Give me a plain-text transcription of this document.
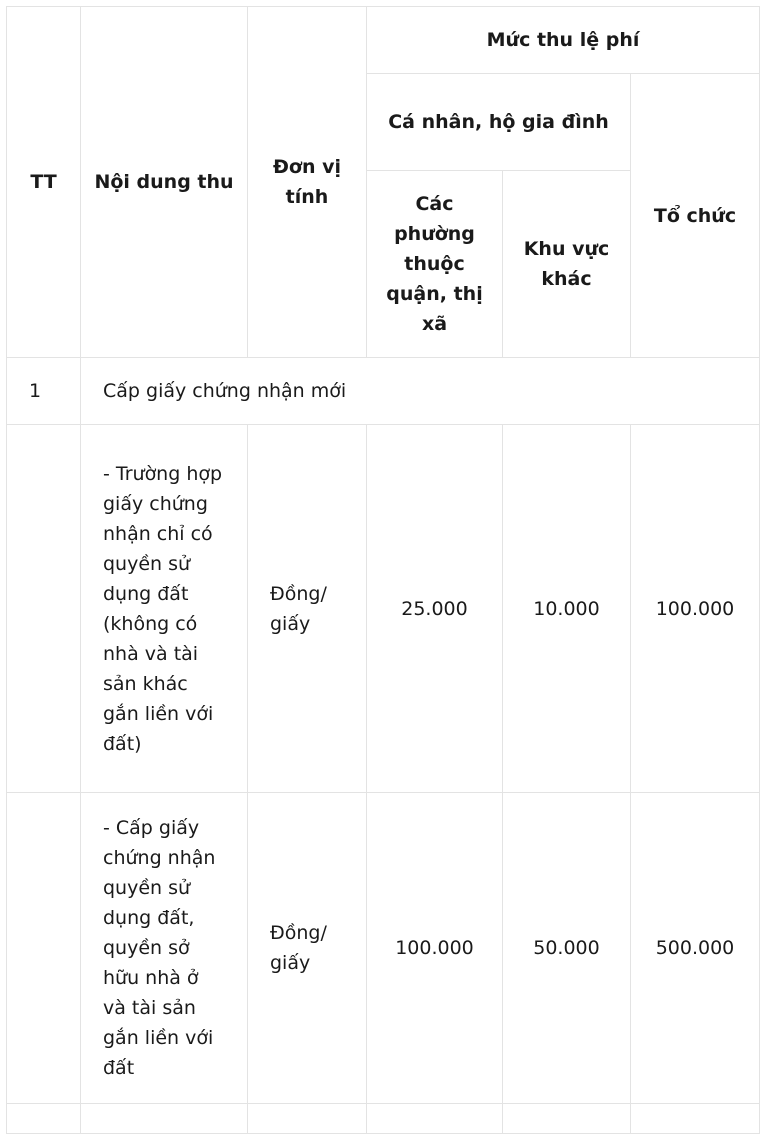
TT	Nội dung thu	Đơn vị tính	Mức thu lệ phí		
			Cá nhân, hộ gia đình		Tổ chức
			Các phường thuộc quận, thị xã	Khu vực khác	
1	Cấp giấy chứng nhận mới				
	- Trường hợp giấy chứng nhận chỉ có quyền sử dụng đất (không có nhà và tài sản khác gắn liền với đất)	Đồng/ giấy	25.000	10.000	100.000
	- Cấp giấy chứng nhận quyền sử dụng đất, quyền sở hữu nhà ở và tài sản gắn liền với đất	Đồng/ giấy	100.000	50.000	500.000
